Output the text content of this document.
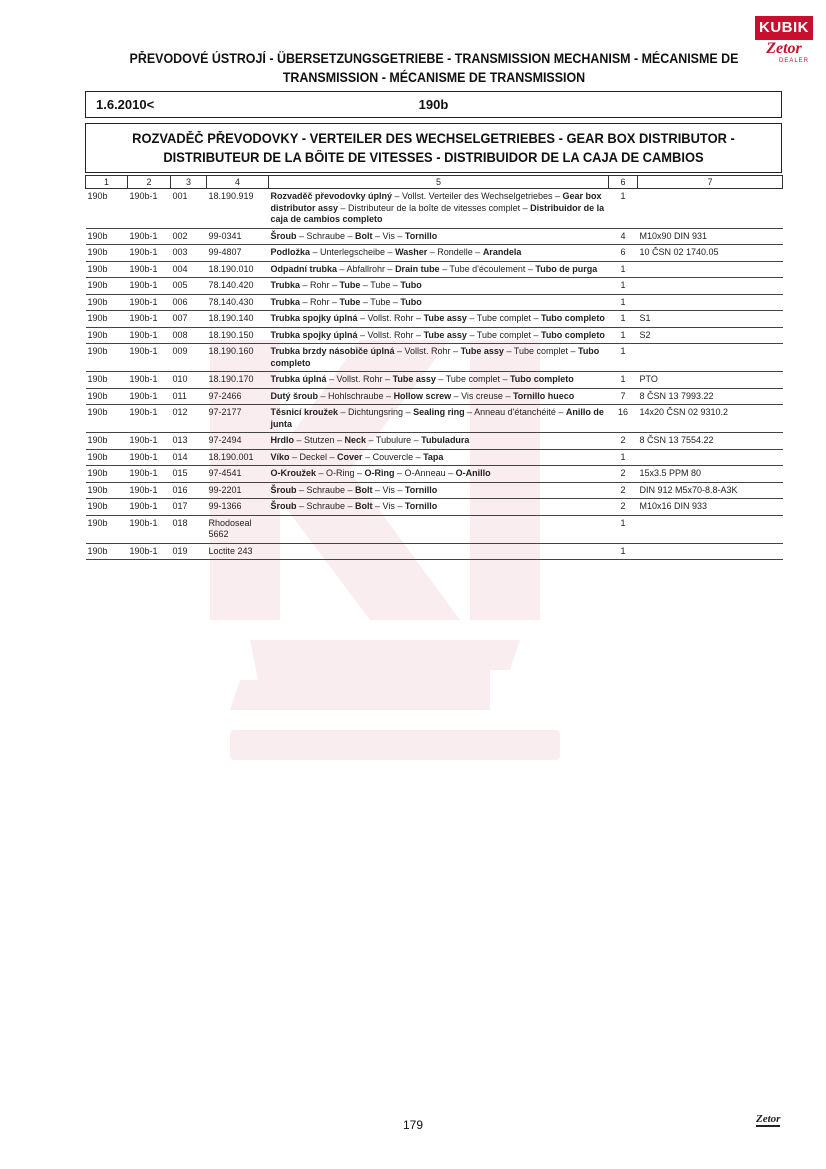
KUBIK
Zetor
DEALER
PŘEVODOVÉ ÚSTROJÍ - ÜBERSETZUNGSGETRIEBE - TRANSMISSION MECHANISM - MÉCANISME DE
TRANSMISSION - MÉCANISME DE TRANSMISSION
1.6.2010<	190b
ROZVADĚČ PŘEVODOVKY - VERTEILER DES WECHSELGETRIEBES - GEAR BOX DISTRIBUTOR -
DISTRIBUTEUR DE LA BÔITE DE VITESSES - DISTRIBUIDOR DE LA CAJA DE CAMBIOS
1	2	3	4	5	6	7
190b	190b-1	001	18.190.919	Rozvaděč převodovky úplný – Vollst. Verteiler des Wechselgetriebes – Gear box distributor assy – Distributeur de la boîte de vitesses complet – Distribuidor de la caja de cambios completo	1	
190b	190b-1	002	99-0341	Šroub – Schraube – Bolt – Vis – Tornillo	4	M10x90 DIN 931
190b	190b-1	003	99-4807	Podložka – Unterlegscheibe – Washer – Rondelle – Arandela	6	10 ČSN 02 1740.05
190b	190b-1	004	18.190.010	Odpadní trubka – Abfallrohr – Drain tube – Tube d'écoulement – Tubo de purga	1	
190b	190b-1	005	78.140.420	Trubka – Rohr – Tube – Tube – Tubo	1	
190b	190b-1	006	78.140.430	Trubka – Rohr – Tube – Tube – Tubo	1	
190b	190b-1	007	18.190.140	Trubka spojky úplná – Vollst. Rohr – Tube assy – Tube complet – Tubo completo	1	S1
190b	190b-1	008	18.190.150	Trubka spojky úplná – Vollst. Rohr – Tube assy – Tube complet – Tubo completo	1	S2
190b	190b-1	009	18.190.160	Trubka brzdy násobiče úplná – Vollst. Rohr – Tube assy – Tube complet – Tubo completo	1	
190b	190b-1	010	18.190.170	Trubka úplná – Vollst. Rohr – Tube assy – Tube complet – Tubo completo	1	PTO
190b	190b-1	011	97-2466	Dutý šroub – Hohlschraube – Hollow screw – Vis creuse – Tornillo hueco	7	8 ČSN 13 7993.22
190b	190b-1	012	97-2177	Těsnicí kroužek – Dichtungsring – Sealing ring – Anneau d'étanchéité – Anillo de junta	16	14x20 ČSN 02 9310.2
190b	190b-1	013	97-2494	Hrdlo – Stutzen – Neck – Tubulure – Tubuladura	2	8 ČSN 13 7554.22
190b	190b-1	014	18.190.001	Víko – Deckel – Cover – Couvercle – Tapa	1	
190b	190b-1	015	97-4541	O-Kroužek – O-Ring – O-Ring – O-Anneau – O-Anillo	2	15x3.5 PPM 80
190b	190b-1	016	99-2201	Šroub – Schraube – Bolt – Vis – Tornillo	2	DIN 912 M5x70-8.8-A3K
190b	190b-1	017	99-1366	Šroub – Schraube – Bolt – Vis – Tornillo	2	M10x16 DIN 933
190b	190b-1	018	Rhodoseal 5662		1	
190b	190b-1	019	Loctite 243		1	
179	Zetor
